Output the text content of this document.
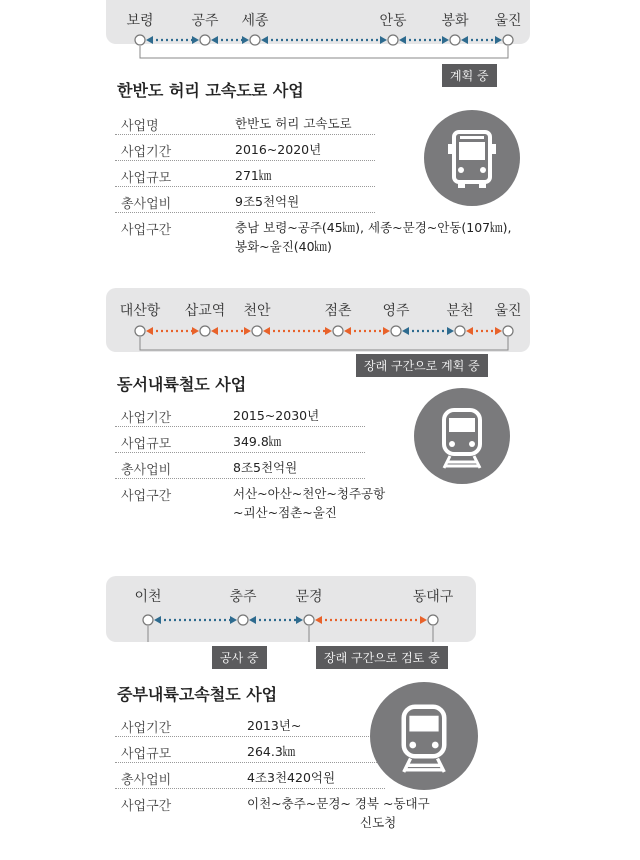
보령	공주 세종	안동 봉화 울진
계획 중
한반도 허리 고속도로 사업
사업명	한반도 허리 고속도로
사업기간	2016~2020년
사업규모	271㎞
총사업비	9조5천억원
사업구간	충남 보령~공주(45㎞), 세종~문경~안동(107㎞),
봉화~울진(40㎞)
대산항 삽교역 천안	점촌 영주	분천 울진
장래 구간으로 계획 중
동서내륙철도 사업
사업기간	2015~2030년
사업규모	349.8㎞
총사업비	8조5천억원
사업구간	서산~아산~천안~청주공항
~괴산~점촌~울진
이천	충주	문경	동대구
공사 중	장래 구간으로 검토 중
중부내륙고속철도 사업
사업기간	2013년~
사업규모	264.3㎞
총사업비	4조3천420억원
사업구간	이천~충주~문경~ 경북 ~동대구
신도청
